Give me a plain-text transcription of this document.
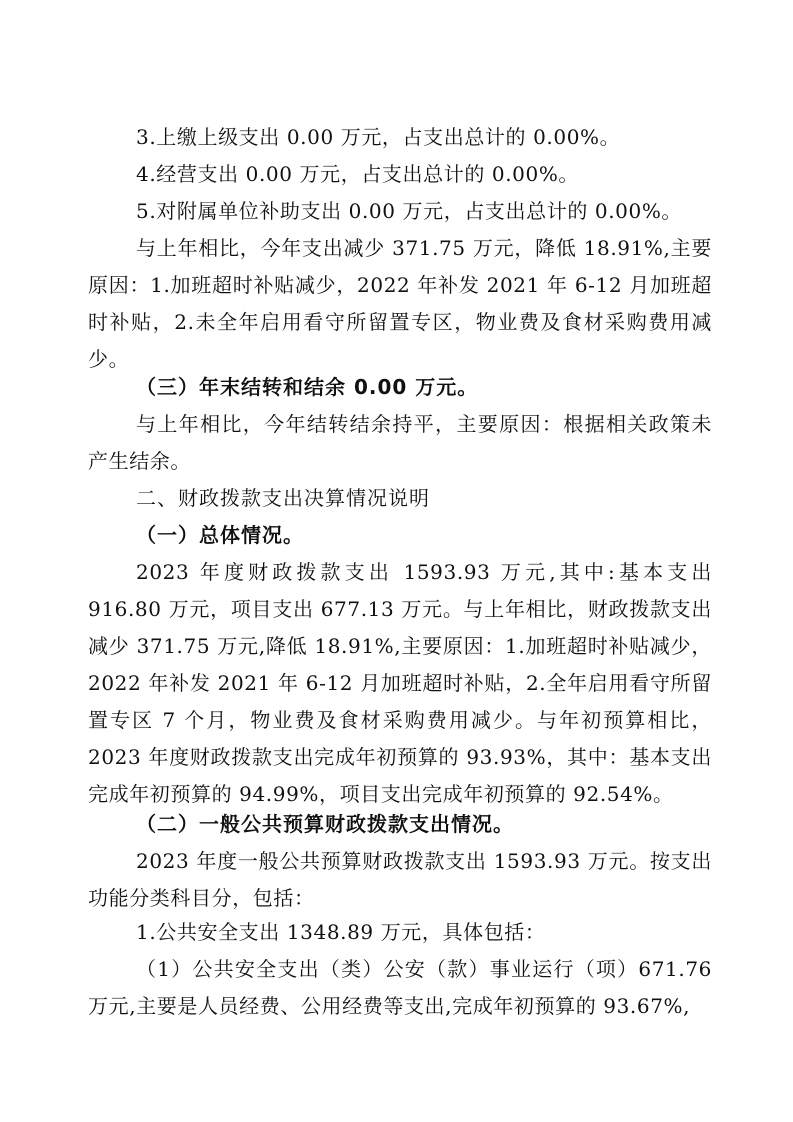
3.上缴上级支出 0.00 万元，占支出总计的 0.00%。

4.经营支出 0.00 万元，占支出总计的 0.00%。

5.对附属单位补助支出 0.00 万元，占支出总计的 0.00%。

与上年相比，今年支出减少 371.75 万元，降低 18.91%,主要原因：1.加班超时补贴减少，2022 年补发 2021 年 6-12 月加班超时补贴，2.未全年启用看守所留置专区，物业费及食材采购费用减少。

（三）年末结转和结余 0.00 万元。

与上年相比，今年结转结余持平，主要原因：根据相关政策未产生结余。

二、财政拨款支出决算情况说明

（一）总体情况。

2023 年度财政拨款支出 1593.93 万元,其中:基本支出 916.80 万元，项目支出 677.13 万元。与上年相比，财政拨款支出减少 371.75 万元,降低 18.91%,主要原因：1.加班超时补贴减少，2022 年补发 2021 年 6-12 月加班超时补贴，2.全年启用看守所留置专区 7 个月，物业费及食材采购费用减少。与年初预算相比，2023 年度财政拨款支出完成年初预算的 93.93%，其中：基本支出完成年初预算的 94.99%，项目支出完成年初预算的 92.54%。

（二）一般公共预算财政拨款支出情况。

2023 年度一般公共预算财政拨款支出 1593.93 万元。按支出功能分类科目分，包括：

1.公共安全支出 1348.89 万元，具体包括：

（1）公共安全支出（类）公安（款）事业运行（项）671.76 万元,主要是人员经费、公用经费等支出,完成年初预算的 93.67%,
